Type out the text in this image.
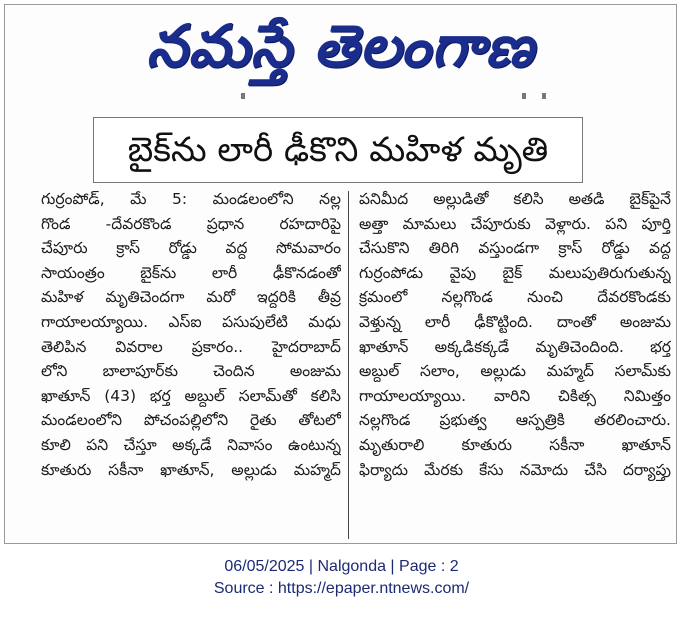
నమస్తే తెలంగాణ
బైక్‌ను లారీ ఢీకొని మహిళ మృతి
గుర్రంపోడ్, మే 5: మండలంలోని నల్ల
గొండ -దేవరకొండ ప్రధాన రహదారిపై
చేపూరు క్రాస్ రోడ్డు వద్ద సోమవారం
సాయంత్రం బైక్‌ను లారీ ఢీకొనడంతో
మహిళ మృతిచెందగా మరో ఇద్దరికి తీవ్ర
గాయాలయ్యాయి. ఎస్ఐ పసుపులేటి మధు
తెలిపిన వివరాల ప్రకారం.. హైదరాబాద్
లోని బాలాపూర్‌కు చెందిన అంజుమ
ఖాతూన్ (43) భర్త అబ్దుల్ సలామ్‌తో కలిసి
మండలంలోని పోచంపల్లిలోని రైతు తోటలో
కూలి పని చేస్తూ అక్కడే నివాసం ఉంటున్న
కూతురు సకీనా ఖాతూన్, అల్లుడు మహ్మద్
పనిమీద అల్లుడితో కలిసి అతడి బైక్‌పైనే
అత్తా మామలు చేపూరుకు వెళ్లారు. పని పూర్తి
చేసుకొని తిరిగి వస్తుండగా క్రాస్ రోడ్డు వద్ద
గుర్రంపోడు వైపు బైక్ మలుపుతిరుగుతున్న
క్రమంలో నల్లగొండ నుంచి దేవరకొండకు
వెళ్తున్న లారీ ఢీకొట్టింది. దాంతో అంజుమ
ఖాతూన్ అక్కడికక్కడే మృతిచెందింది. భర్త
అబ్దుల్ సలాం, అల్లుడు మహ్మద్ సలామ్‌కు
గాయాలయ్యాయి. వారిని చికిత్స నిమిత్తం
నల్లగొండ ప్రభుత్వ ఆస్పత్రికి తరలించారు.
మృతురాలి కూతురు సకీనా ఖాతూన్
ఫిర్యాదు మేరకు కేసు నమోదు చేసి దర్యాప్తు
06/05/2025 | Nalgonda | Page : 2
Source : https://epaper.ntnews.com/
